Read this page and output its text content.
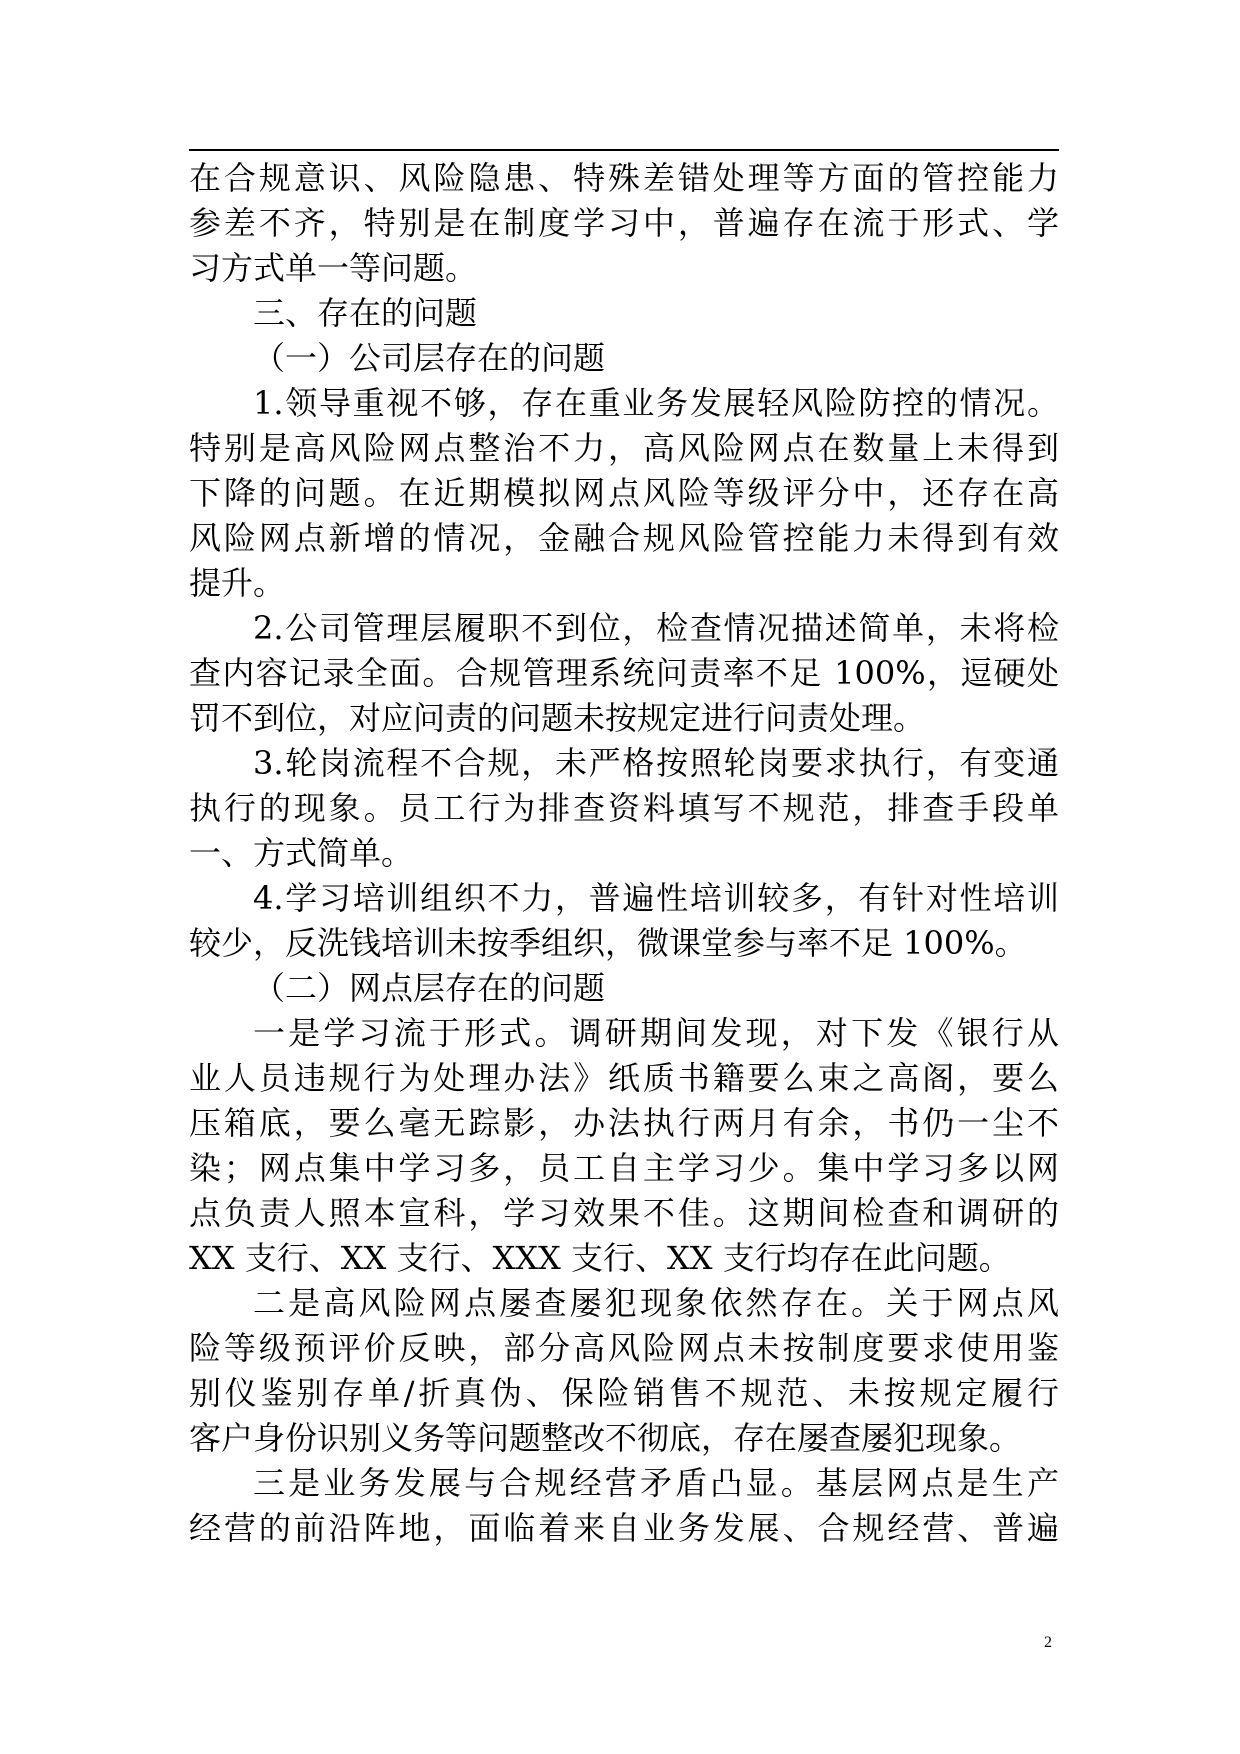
在合规意识、风险隐患、特殊差错处理等方面的管控能力
参差不齐，特别是在制度学习中，普遍存在流于形式、学
习方式单一等问题。
三、存在的问题
（一）公司层存在的问题
1.领导重视不够，存在重业务发展轻风险防控的情况。
特别是高风险网点整治不力，高风险网点在数量上未得到
下降的问题。在近期模拟网点风险等级评分中，还存在高
风险网点新增的情况，金融合规风险管控能力未得到有效
提升。
2.公司管理层履职不到位，检查情况描述简单，未将检
查内容记录全面。合规管理系统问责率不足 100%，逗硬处
罚不到位，对应问责的问题未按规定进行问责处理。
3.轮岗流程不合规，未严格按照轮岗要求执行，有变通
执行的现象。员工行为排查资料填写不规范，排查手段单
一、方式简单。
4.学习培训组织不力，普遍性培训较多，有针对性培训
较少，反洗钱培训未按季组织，微课堂参与率不足 100%。
（二）网点层存在的问题
一是学习流于形式。调研期间发现，对下发《银行从
业人员违规行为处理办法》纸质书籍要么束之高阁，要么
压箱底，要么毫无踪影，办法执行两月有余，书仍一尘不
染；网点集中学习多，员工自主学习少。集中学习多以网
点负责人照本宣科，学习效果不佳。这期间检查和调研的
XX 支行、XX 支行、XXX 支行、XX 支行均存在此问题。
二是高风险网点屡查屡犯现象依然存在。关于网点风
险等级预评价反映，部分高风险网点未按制度要求使用鉴
别仪鉴别存单/折真伪、保险销售不规范、未按规定履行
客户身份识别义务等问题整改不彻底，存在屡查屡犯现象。
三是业务发展与合规经营矛盾凸显。基层网点是生产
经营的前沿阵地，面临着来自业务发展、合规经营、普遍
2
